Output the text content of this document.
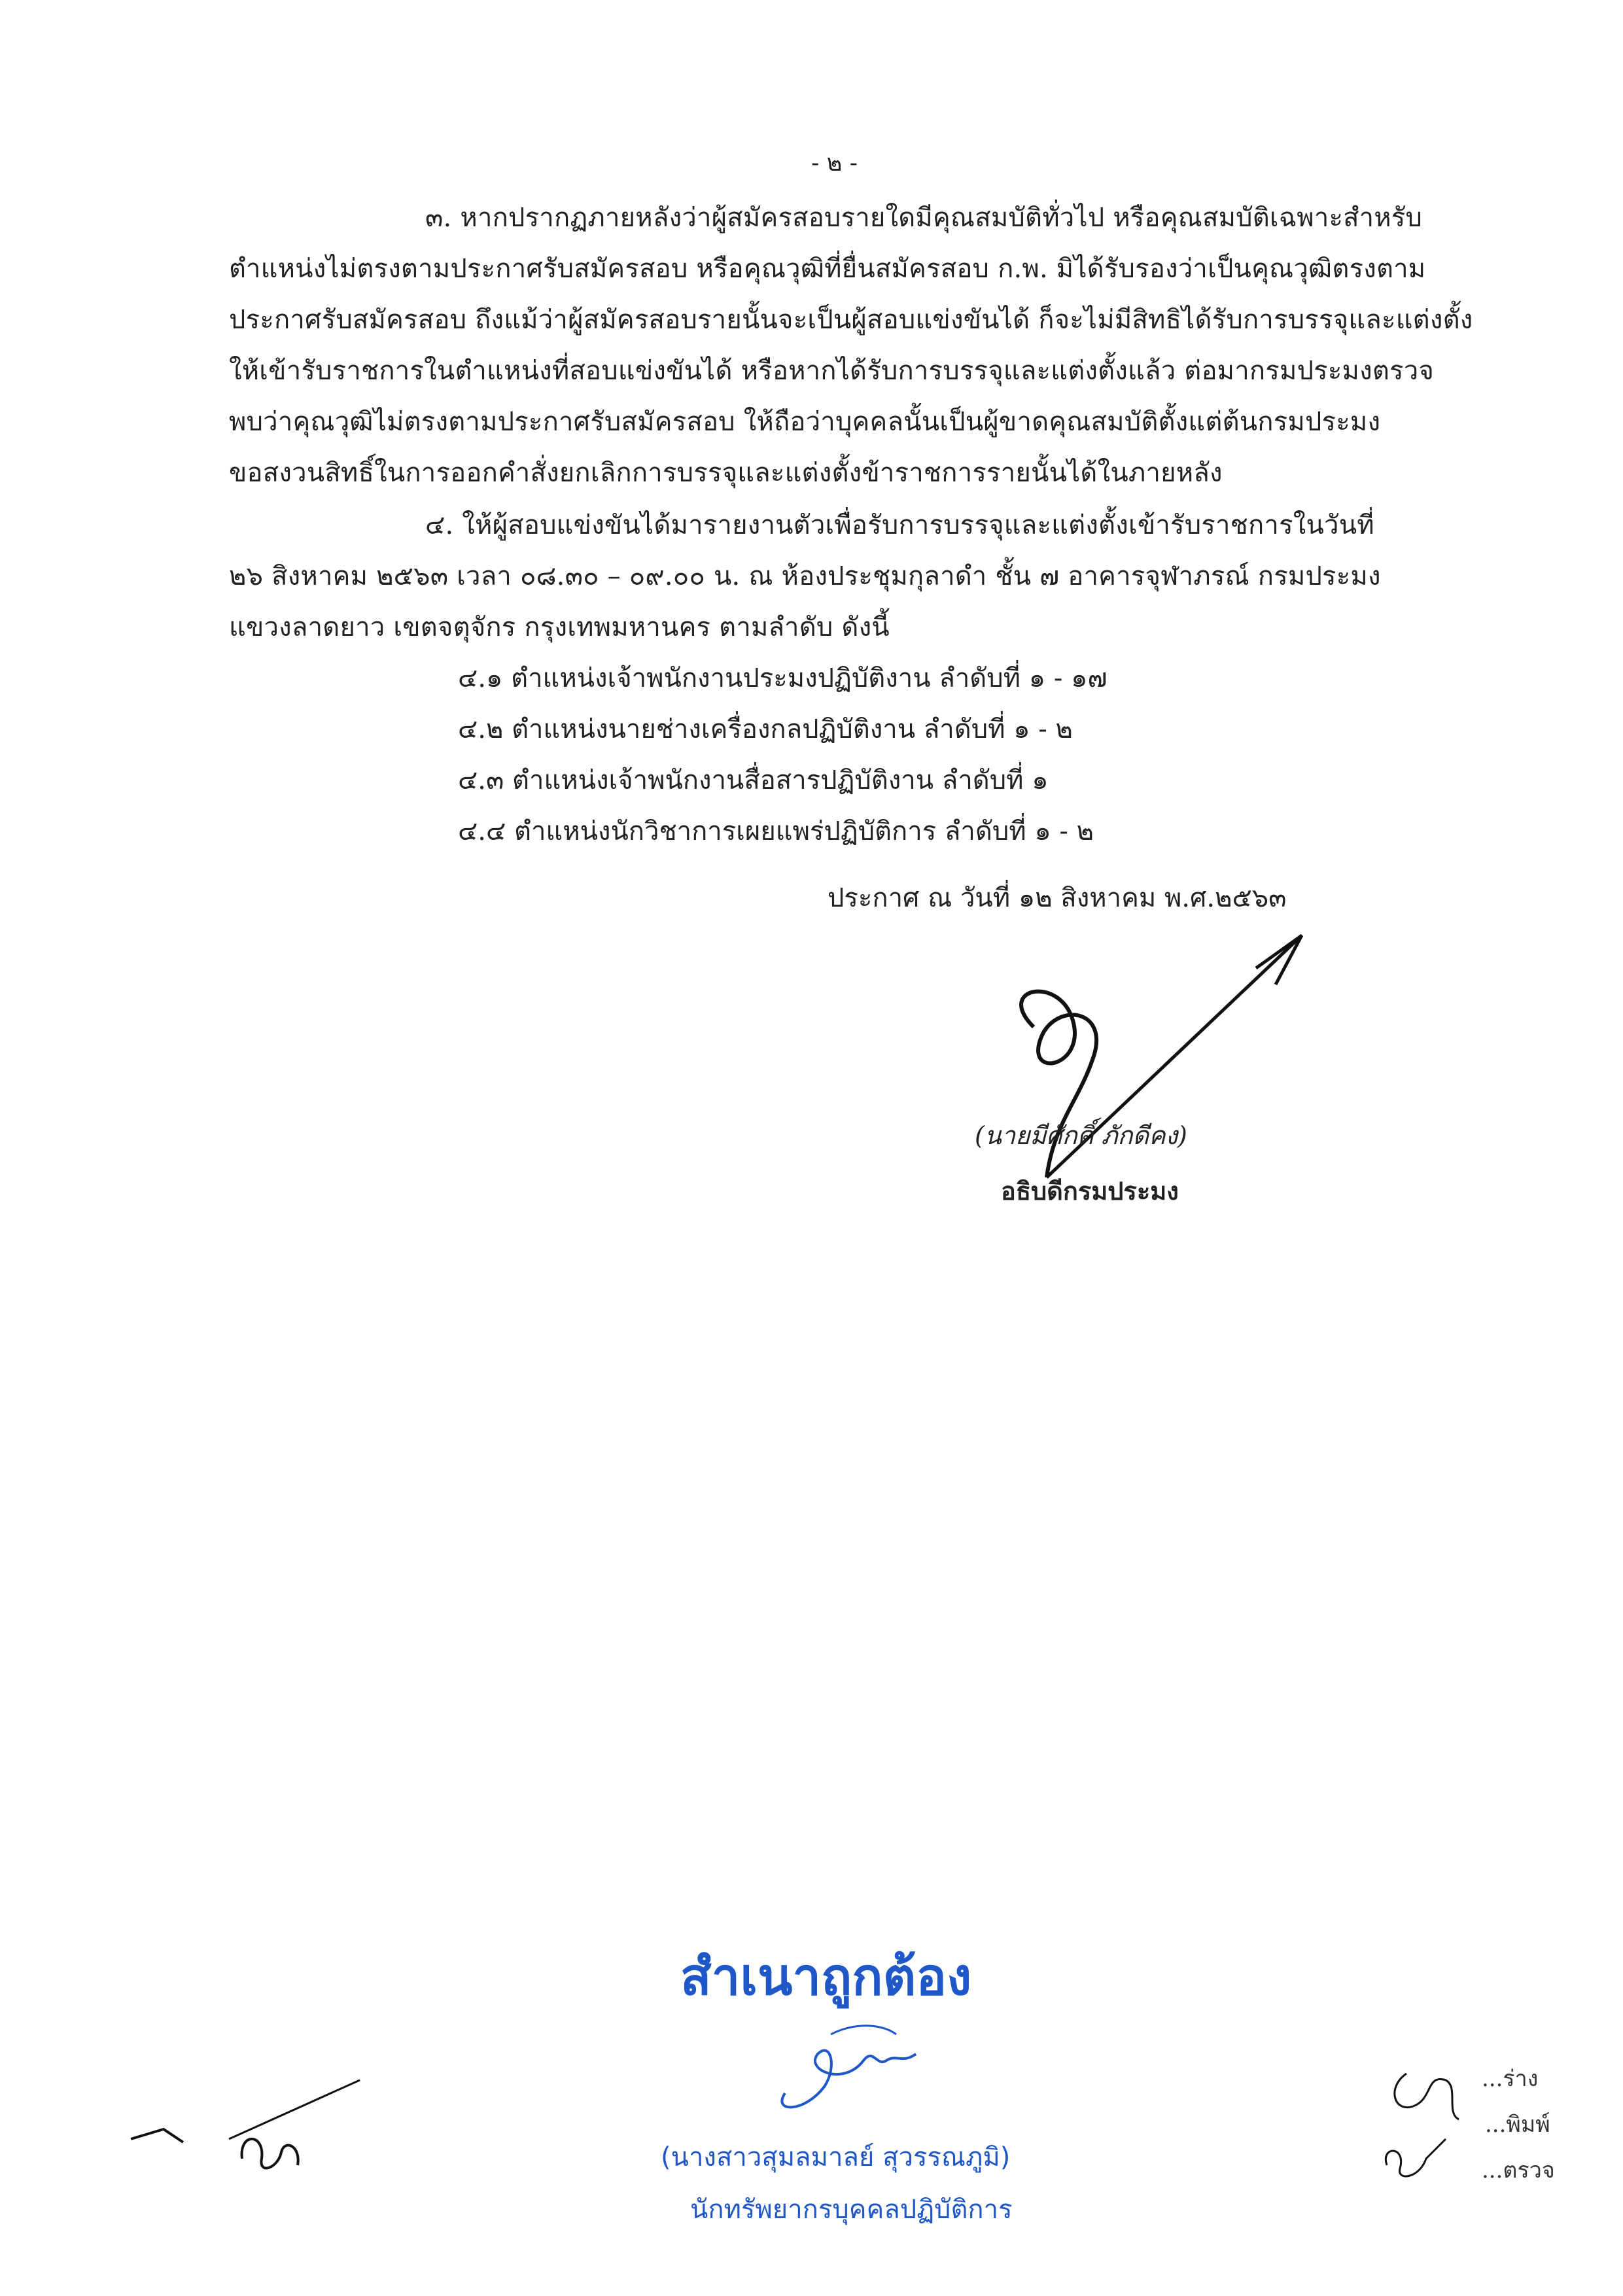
- ๒ -
๓. หากปรากฏภายหลังว่าผู้สมัครสอบรายใดมีคุณสมบัติทั่วไป หรือคุณสมบัติเฉพาะสำหรับ
ตำแหน่งไม่ตรงตามประกาศรับสมัครสอบ หรือคุณวุฒิที่ยื่นสมัครสอบ ก.พ. มิได้รับรองว่าเป็นคุณวุฒิตรงตาม
ประกาศรับสมัครสอบ ถึงแม้ว่าผู้สมัครสอบรายนั้นจะเป็นผู้สอบแข่งขันได้ ก็จะไม่มีสิทธิได้รับการบรรจุและแต่งตั้ง
ให้เข้ารับราชการในตำแหน่งที่สอบแข่งขันได้ หรือหากได้รับการบรรจุและแต่งตั้งแล้ว ต่อมากรมประมงตรวจ
พบว่าคุณวุฒิไม่ตรงตามประกาศรับสมัครสอบ ให้ถือว่าบุคคลนั้นเป็นผู้ขาดคุณสมบัติตั้งแต่ต้นกรมประมง
ขอสงวนสิทธิ์ในการออกคำสั่งยกเลิกการบรรจุและแต่งตั้งข้าราชการรายนั้นได้ในภายหลัง
๔. ให้ผู้สอบแข่งขันได้มารายงานตัวเพื่อรับการบรรจุและแต่งตั้งเข้ารับราชการในวันที่
๒๖ สิงหาคม ๒๕๖๓ เวลา ๐๘.๓๐ – ๐๙.๐๐ น. ณ ห้องประชุมกุลาดำ ชั้น ๗ อาคารจุฬาภรณ์ กรมประมง
แขวงลาดยาว เขตจตุจักร กรุงเทพมหานคร ตามลำดับ ดังนี้
๔.๑ ตำแหน่งเจ้าพนักงานประมงปฏิบัติงาน ลำดับที่ ๑ - ๑๗
๔.๒ ตำแหน่งนายช่างเครื่องกลปฏิบัติงาน ลำดับที่ ๑ - ๒
๔.๓ ตำแหน่งเจ้าพนักงานสื่อสารปฏิบัติงาน ลำดับที่ ๑
๔.๔ ตำแหน่งนักวิชาการเผยแพร่ปฏิบัติการ ลำดับที่ ๑ - ๒
ประกาศ ณ วันที่ ๑๒ สิงหาคม พ.ศ.๒๕๖๓
(นายมีศักดิ์ ภักดีคง)
อธิบดีกรมประมง
สำเนาถูกต้อง
(นางสาวสุมลมาลย์ สุวรรณภูมิ)
นักทรัพยากรบุคคลปฏิบัติการ
...ร่าง
...พิมพ์
...ตรวจ
